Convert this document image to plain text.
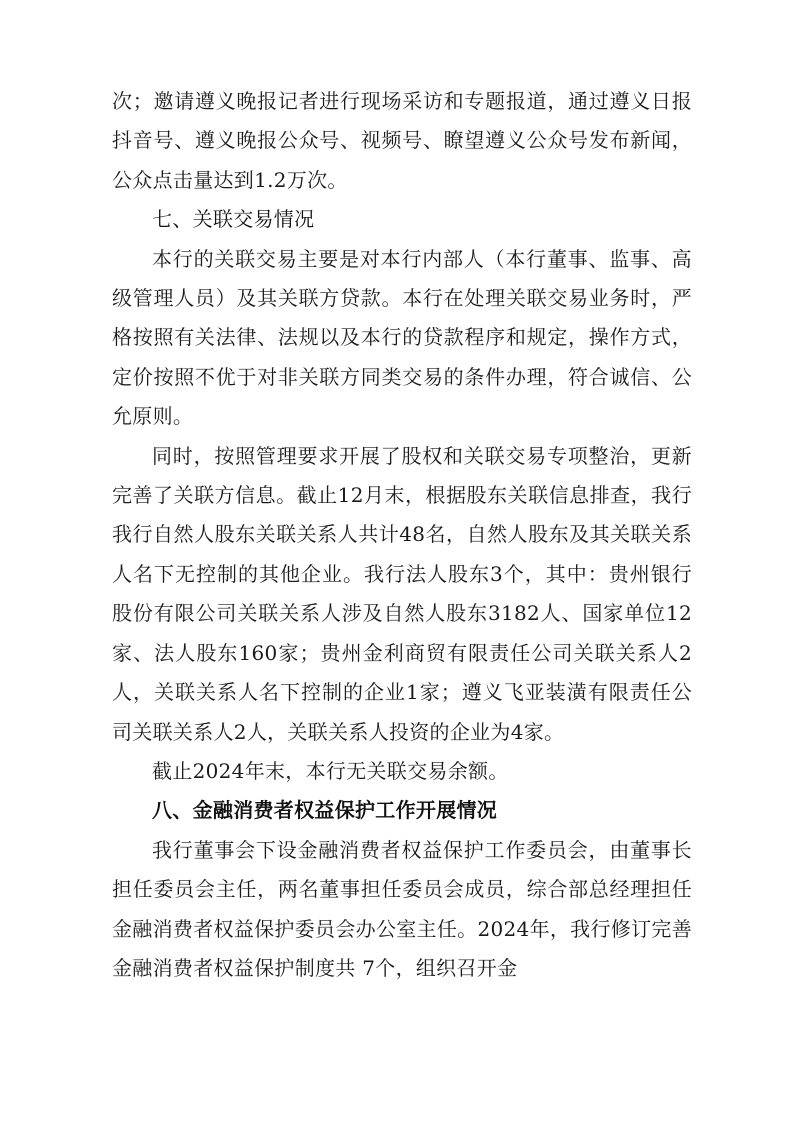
次；邀请遵义晚报记者进行现场采访和专题报道，通过遵义日报抖音号、遵义晚报公众号、视频号、瞭望遵义公众号发布新闻，公众点击量达到1.2万次。

七、关联交易情况

本行的关联交易主要是对本行内部人（本行董事、监事、高级管理人员）及其关联方贷款。本行在处理关联交易业务时，严格按照有关法律、法规以及本行的贷款程序和规定，操作方式，定价按照不优于对非关联方同类交易的条件办理，符合诚信、公允原则。

同时，按照管理要求开展了股权和关联交易专项整治，更新完善了关联方信息。截止12月末，根据股东关联信息排查，我行我行自然人股东关联关系人共计48名，自然人股东及其关联关系人名下无控制的其他企业。我行法人股东3个，其中：贵州银行股份有限公司关联关系人涉及自然人股东3182人、国家单位12家、法人股东160家；贵州金利商贸有限责任公司关联关系人2人，关联关系人名下控制的企业1家；遵义飞亚装潢有限责任公司关联关系人2人，关联关系人投资的企业为4家。

截止2024年末，本行无关联交易余额。

八、金融消费者权益保护工作开展情况

我行董事会下设金融消费者权益保护工作委员会，由董事长担任委员会主任，两名董事担任委员会成员，综合部总经理担任金融消费者权益保护委员会办公室主任。2024年，我行修订完善金融消费者权益保护制度共 7个，组织召开金
